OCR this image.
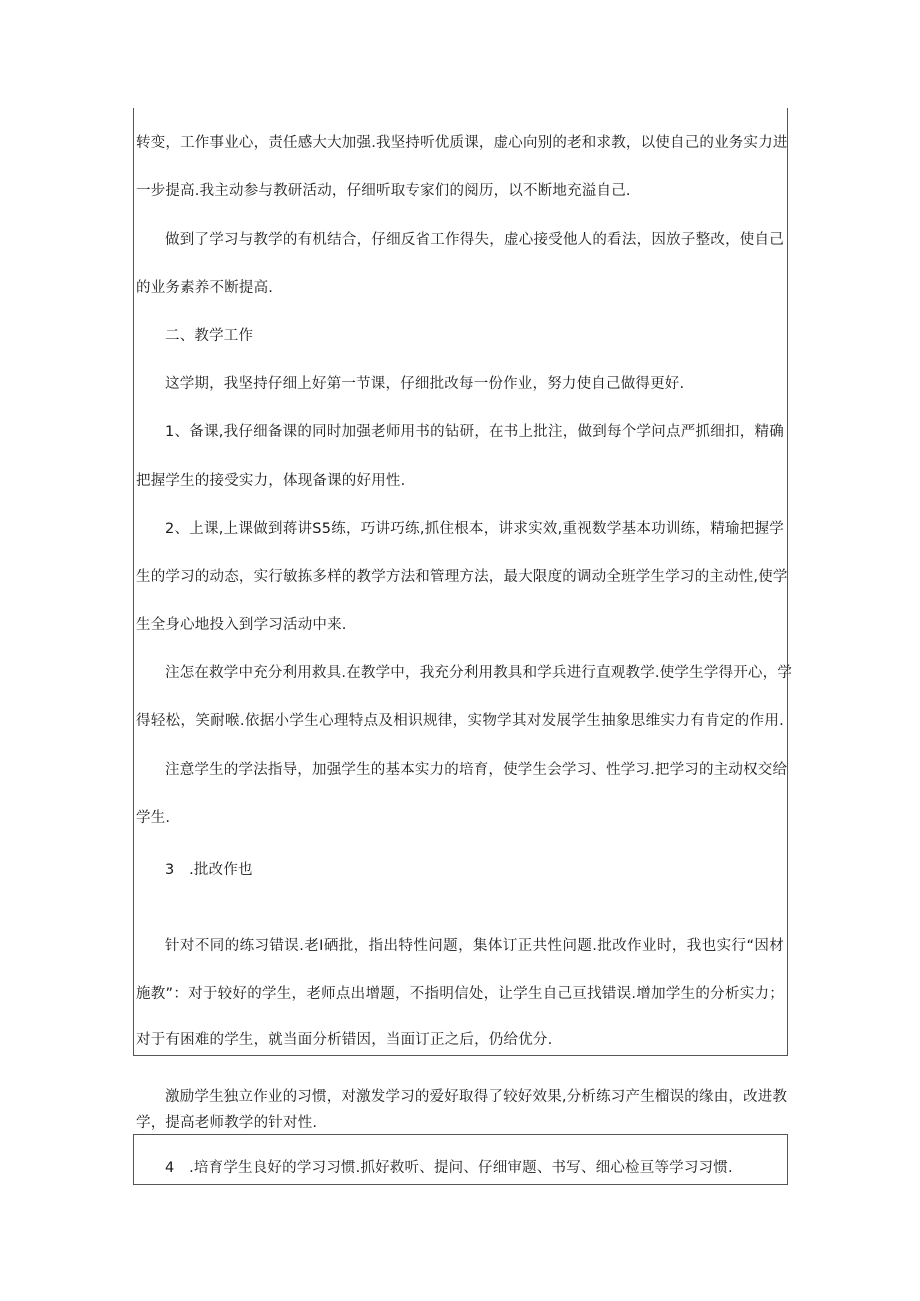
转变，工作事业心，责任感大大加强.我坚持听优质课，虚心向别的老和求教，以使自己的业务实力进
一步提高.我主动参与教研活动，仔细听取专家们的阅历，以不断地充溢自己.
做到了学习与教学的有机结合，仔细反省工作得失，虚心接受他人的看法，因放子整改，使自己
的业务素养不断提高.
二、教学工作
这学期，我坚持仔细上好第一节课，仔细批改每一份作业，努力使自己做得更好.
1、备课,我仔细备课的同时加强老师用书的钻研，在书上批注，做到每个学问点严抓细扣，精确
把握学生的接受实力，体现备课的好用性.
2、上课,上课做到蒋讲S5练，巧讲巧练,抓住根本，讲求实效,重视数学基本功训练，精瑜把握学
生的学习的动态，实行敏拣多样的教学方法和管理方法，最大限度的调动全班学生学习的主动性,使学
生全身心地投入到学习活动中来.
注怎在救学中充分利用救具.在教学中，我充分利用教具和学兵进行直观教学.使学生学得开心，学
得轻松，笑耐喉.依据小学生心理特点及相识规律，实物学其对发展学生抽象思维实力有肯定的作用.
注意学生的学法指导，加强学生的基本实力的培育，使学生会学习、性学习.把学习的主动权交给
学生.
3　.批改作也
针对不同的练习错误.老I硒批，指出特性问题，集体订正共性问题.批改作业时，我也实行“因材
施教”：对于较好的学生，老师点出增题，不指明信处，让学生自己亘找错误.增加学生的分析实力；
对于有困难的学生，就当面分析错因，当面订正之后，仍给优分.
激励学生独立作业的习惯，对激发学习的爱好取得了较好效果,分析练习产生榴误的缘由，改进教
学，提高老师教学的针对性.
4　.培育学生良好的学习习惯.抓好救听、提问、仔细审题、书写、细心检亘等学习习惯.
